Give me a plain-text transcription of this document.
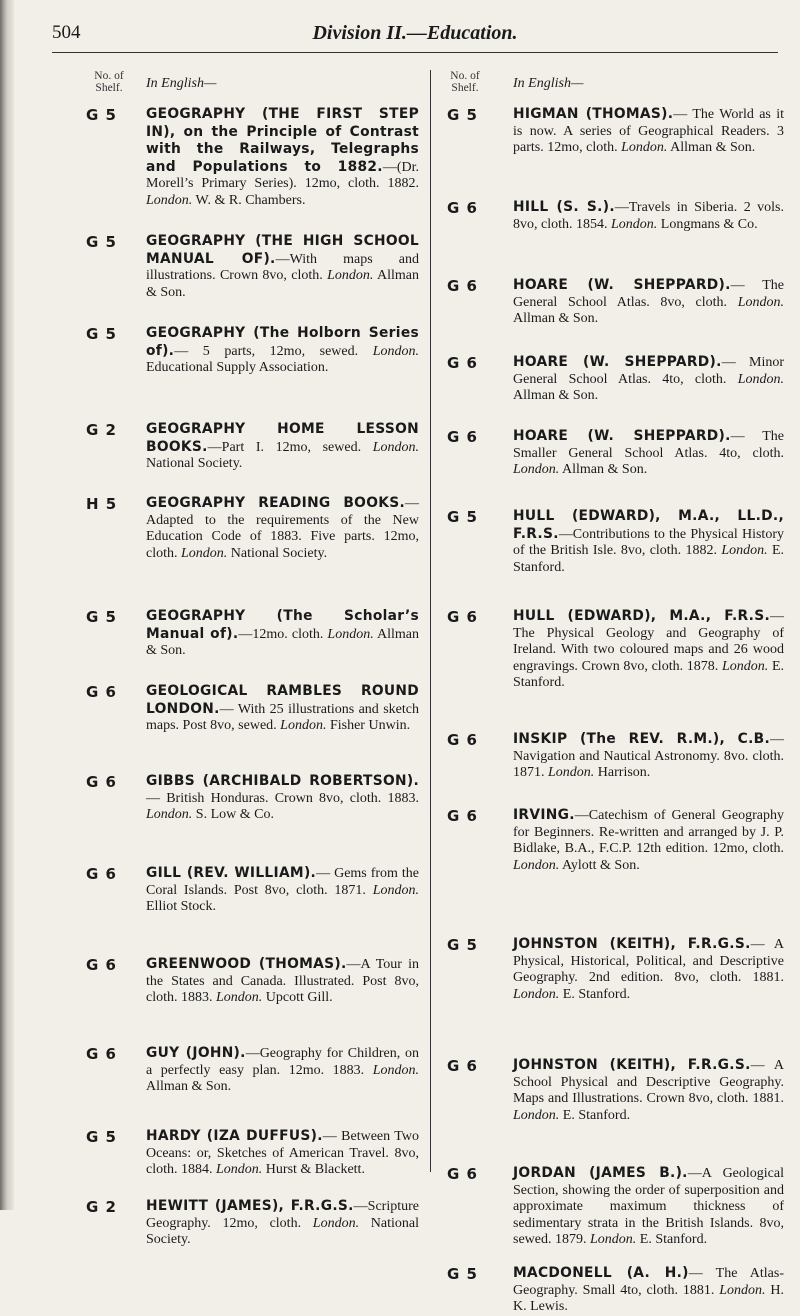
504	Division II.—Education.
No. of Shelf.	In English—
G 5	GEOGRAPHY (THE FIRST STEP IN), on the Principle of Contrast with the Railways, Telegraphs and Populations to 1882.—(Dr. Morell’s Primary Series). 12mo, cloth. 1882. London. W. & R. Chambers.
G 5	GEOGRAPHY (THE HIGH SCHOOL MANUAL OF).—With maps and illustrations. Crown 8vo, cloth. London. Allman & Son.
G 5	GEOGRAPHY (The Holborn Series of).— 5 parts, 12mo, sewed. London. Educational Supply Association.
G 2	GEOGRAPHY HOME LESSON BOOKS.—Part I. 12mo, sewed. London. National Society.
H 5	GEOGRAPHY READING BOOKS.—Adapted to the requirements of the New Education Code of 1883. Five parts. 12mo, cloth. London. National Society.
G 5	GEOGRAPHY (The Scholar’s Manual of).—12mo. cloth. London. Allman & Son.
G 6	GEOLOGICAL RAMBLES ROUND LONDON.— With 25 illustrations and sketch maps. Post 8vo, sewed. London. Fisher Unwin.
G 6	GIBBS (ARCHIBALD ROBERTSON).— British Honduras. Crown 8vo, cloth. 1883. London. S. Low & Co.
G 6	GILL (REV. WILLIAM).— Gems from the Coral Islands. Post 8vo, cloth. 1871. London. Elliot Stock.
G 6	GREENWOOD (THOMAS).—A Tour in the States and Canada. Illustrated. Post 8vo, cloth. 1883. London. Upcott Gill.
G 6	GUY (JOHN).—Geography for Children, on a perfectly easy plan. 12mo. 1883. London. Allman & Son.
G 5	HARDY (IZA DUFFUS).— Between Two Oceans: or, Sketches of American Travel. 8vo, cloth. 1884. London. Hurst & Blackett.
G 2	HEWITT (JAMES), F.R.G.S.—Scripture Geography. 12mo, cloth. London. National Society.
No. of Shelf.	In English—
G 5	HIGMAN (THOMAS).— The World as it is now. A series of Geographical Readers. 3 parts. 12mo, cloth. London. Allman & Son.
G 6	HILL (S. S.).—Travels in Siberia. 2 vols. 8vo, cloth. 1854. London. Longmans & Co.
G 6	HOARE (W. SHEPPARD).— The General School Atlas. 8vo, cloth. London. Allman & Son.
G 6	HOARE (W. SHEPPARD).— Minor General School Atlas. 4to, cloth. London. Allman & Son.
G 6	HOARE (W. SHEPPARD).— The Smaller General School Atlas. 4to, cloth. London. Allman & Son.
G 5	HULL (EDWARD), M.A., LL.D., F.R.S.—Contributions to the Physical History of the British Isle. 8vo, cloth. 1882. London. E. Stanford.
G 6	HULL (EDWARD), M.A., F.R.S.— The Physical Geology and Geography of Ireland. With two coloured maps and 26 wood engravings. Crown 8vo, cloth. 1878. London. E. Stanford.
G 6	INSKIP (The REV. R.M.), C.B.—Navigation and Nautical Astronomy. 8vo. cloth. 1871. London. Harrison.
G 6	IRVING.—Catechism of General Geography for Beginners. Re-written and arranged by J. P. Bidlake, B.A., F.C.P. 12th edition. 12mo, cloth. London. Aylott & Son.
G 5	JOHNSTON (KEITH), F.R.G.S.— A Physical, Historical, Political, and Descriptive Geography. 2nd edition. 8vo, cloth. 1881. London. E. Stanford.
G 6	JOHNSTON (KEITH), F.R.G.S.— A School Physical and Descriptive Geography. Maps and Illustrations. Crown 8vo, cloth. 1881. London. E. Stanford.
G 6	JORDAN (JAMES B.).—A Geological Section, showing the order of superposition and approximate maximum thickness of sedimentary strata in the British Islands. 8vo, sewed. 1879. London. E. Stanford.
G 5	MACDONELL (A. H.)— The Atlas-Geography. Small 4to, cloth. 1881. London. H. K. Lewis.
